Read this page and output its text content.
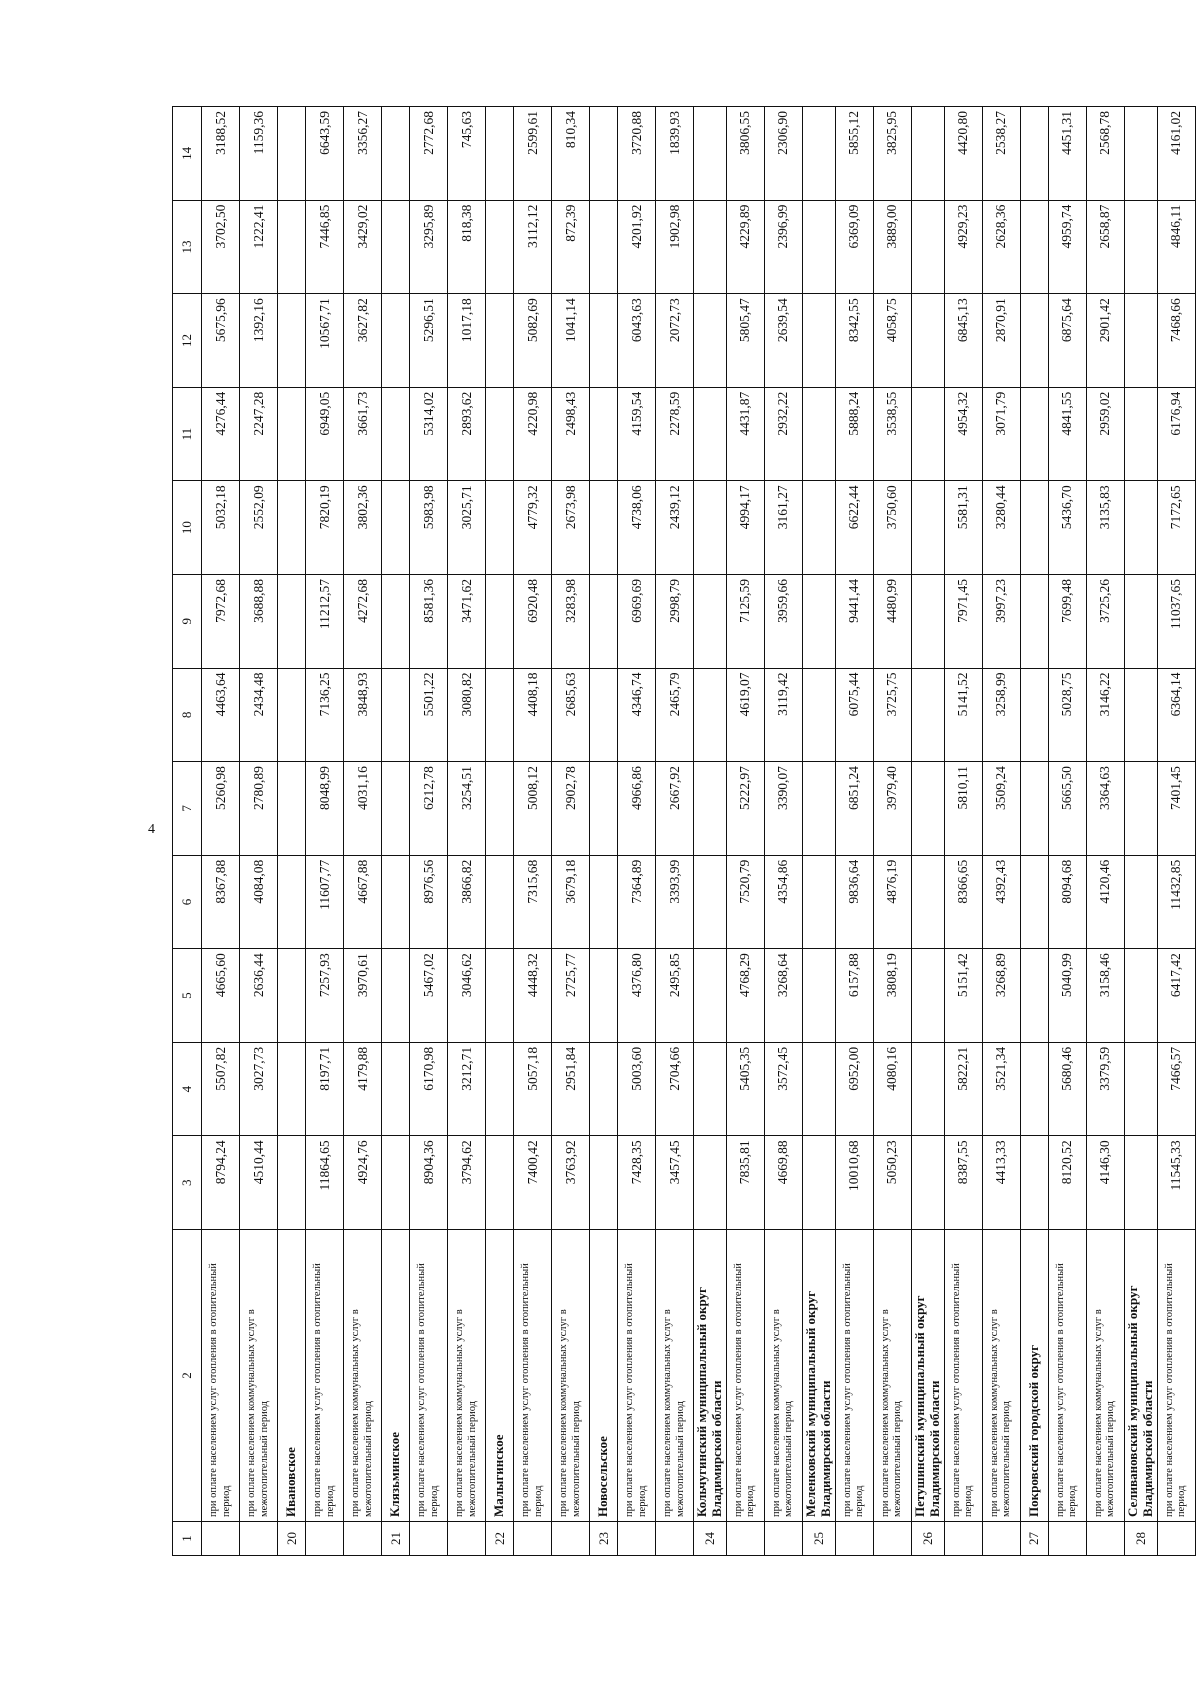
4
1	2	3	4	5	6	7	8	9	10	11	12	13	14
	при оплате населением услуг отопления в отопительный период	8794,24	5507,82	4665,60	8367,88	5260,98	4463,64	7972,68	5032,18	4276,44	5675,96	3702,50	3188,52
	при оплате населением коммунальных услуг в межотопительный период	4510,44	3027,73	2636,44	4084,08	2780,89	2434,48	3688,88	2552,09	2247,28	1392,16	1222,41	1159,36
20	Ивановское												
	при оплате населением услуг отопления в отопительный период	11864,65	8197,71	7257,93	11607,77	8048,99	7136,25	11212,57	7820,19	6949,05	10567,71	7446,85	6643,59
	при оплате населением коммунальных услуг в межотопительный период	4924,76	4179,88	3970,61	4667,88	4031,16	3848,93	4272,68	3802,36	3661,73	3627,82	3429,02	3356,27
21	Клязьминское												
	при оплате населением услуг отопления в отопительный период	8904,36	6170,98	5467,02	8976,56	6212,78	5501,22	8581,36	5983,98	5314,02	5296,51	3295,89	2772,68
	при оплате населением коммунальных услуг в межотопительный период	3794,62	3212,71	3046,62	3866,82	3254,51	3080,82	3471,62	3025,71	2893,62	1017,18	818,38	745,63
22	Малыгинское												
	при оплате населением услуг отопления в отопительный период	7400,42	5057,18	4448,32	7315,68	5008,12	4408,18	6920,48	4779,32	4220,98	5082,69	3112,12	2599,61
	при оплате населением коммунальных услуг в межотопительный период	3763,92	2951,84	2725,77	3679,18	2902,78	2685,63	3283,98	2673,98	2498,43	1041,14	872,39	810,34
23	Новосельское												
	при оплате населением услуг отопления в отопительный период	7428,35	5003,60	4376,80	7364,89	4966,86	4346,74	6969,69	4738,06	4159,54	6043,63	4201,92	3720,88
	при оплате населением коммунальных услуг в межотопительный период	3457,45	2704,66	2495,85	3393,99	2667,92	2465,79	2998,79	2439,12	2278,59	2072,73	1902,98	1839,93
24	Кольчугинский муниципальный округ Владимирской области												
	при оплате населением услуг отопления в отопительный период	7835,81	5405,35	4768,29	7520,79	5222,97	4619,07	7125,59	4994,17	4431,87	5805,47	4229,89	3806,55
	при оплате населением коммунальных услуг в межотопительный период	4669,88	3572,45	3268,64	4354,86	3390,07	3119,42	3959,66	3161,27	2932,22	2639,54	2396,99	2306,90
25	Меленковский муниципальный округ Владимирской области												
	при оплате населением услуг отопления в отопительный период	10010,68	6952,00	6157,88	9836,64	6851,24	6075,44	9441,44	6622,44	5888,24	8342,55	6369,09	5855,12
	при оплате населением коммунальных услуг в межотопительный период	5050,23	4080,16	3808,19	4876,19	3979,40	3725,75	4480,99	3750,60	3538,55	4058,75	3889,00	3825,95
26	Петушинский муниципальный округ Владимирской области												
	при оплате населением услуг отопления в отопительный период	8387,55	5822,21	5151,42	8366,65	5810,11	5141,52	7971,45	5581,31	4954,32	6845,13	4929,23	4420,80
	при оплате населением коммунальных услуг в межотопительный период	4413,33	3521,34	3268,89	4392,43	3509,24	3258,99	3997,23	3280,44	3071,79	2870,91	2628,36	2538,27
27	Покровский городской округ												
	при оплате населением услуг отопления в отопительный период	8120,52	5680,46	5040,99	8094,68	5665,50	5028,75	7699,48	5436,70	4841,55	6875,64	4959,74	4451,31
	при оплате населением коммунальных услуг в межотопительный период	4146,30	3379,59	3158,46	4120,46	3364,63	3146,22	3725,26	3135,83	2959,02	2901,42	2658,87	2568,78
28	Селивановский муниципальный округ Владимирской области												
	при оплате населением услуг отопления в отопительный период	11545,33	7466,57	6417,42	11432,85	7401,45	6364,14	11037,65	7172,65	6176,94	7468,66	4846,11	4161,02
